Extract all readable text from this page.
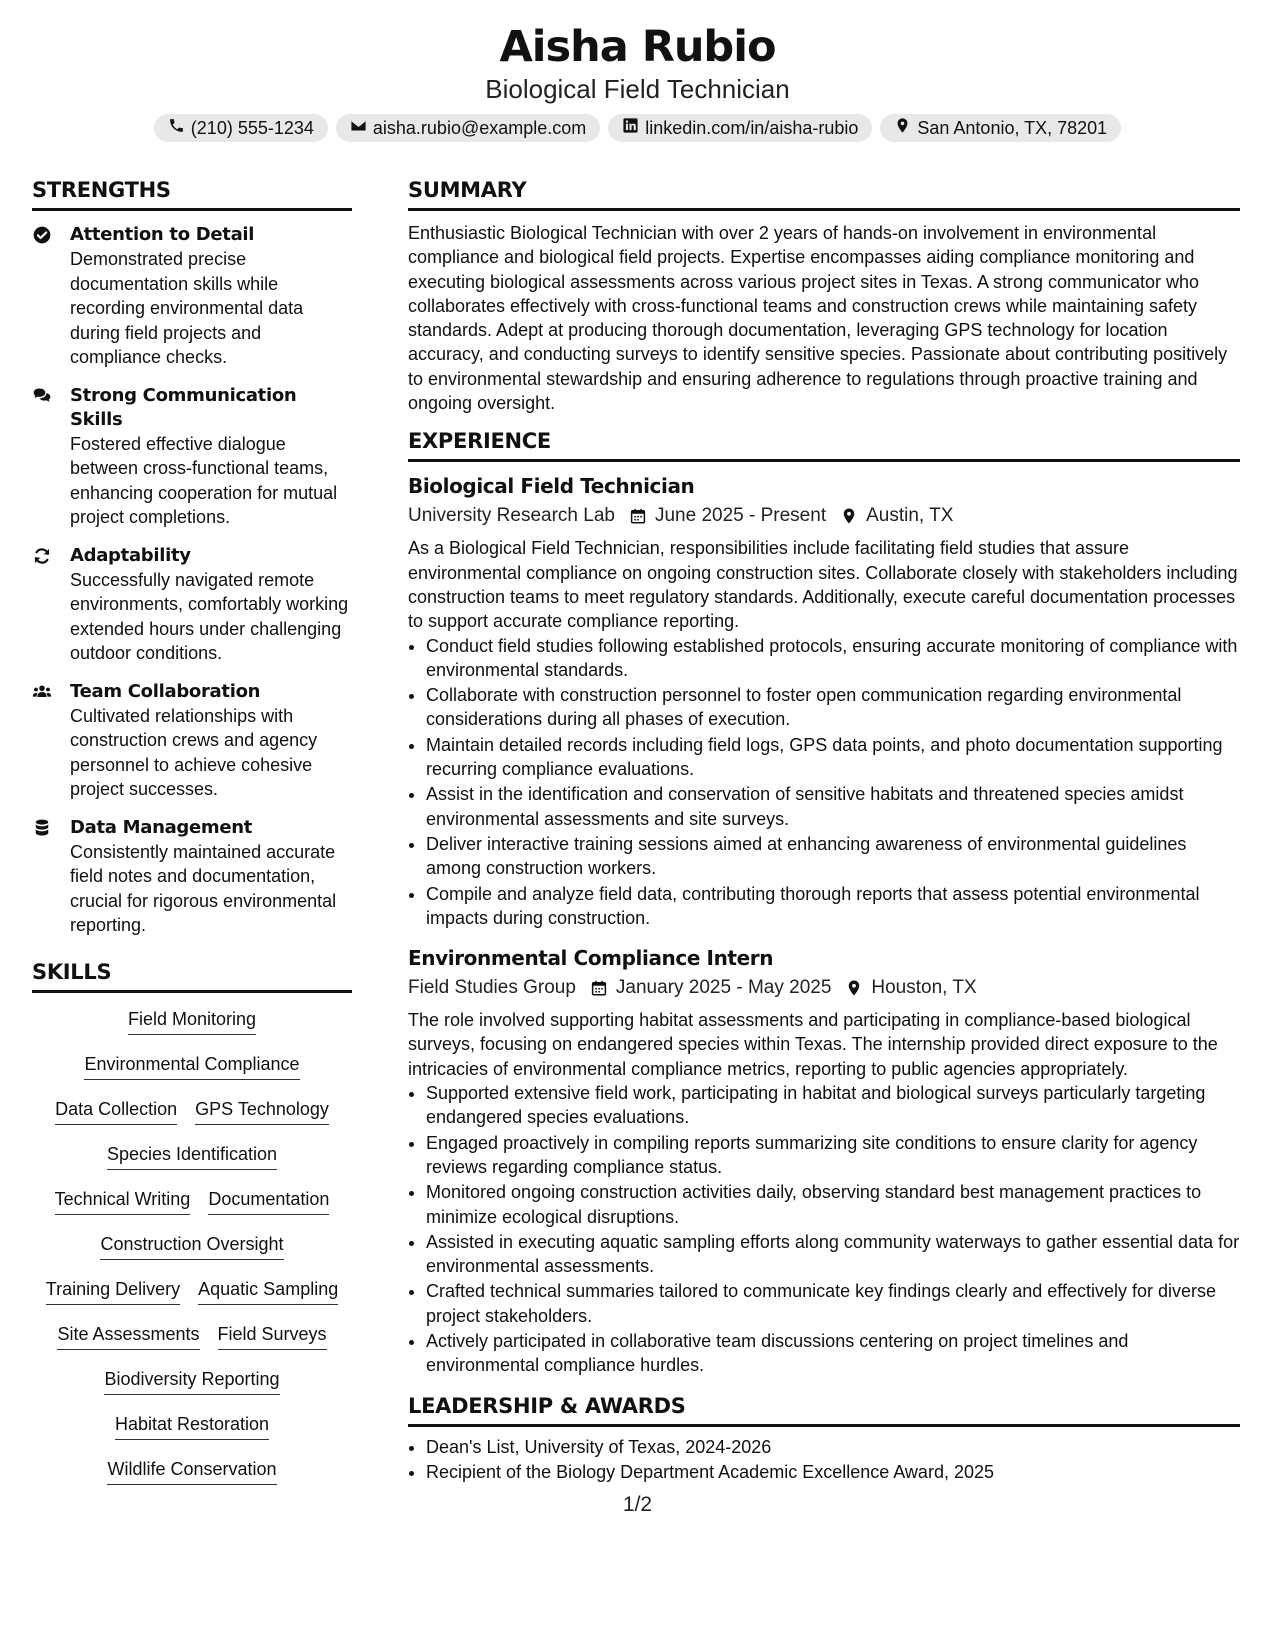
Aisha Rubio
Biological Field Technician
(210) 555-1234	aisha.rubio@example.com	linkedin.com/in/aisha-rubio	San Antonio, TX, 78201
STRENGTHS
Attention to Detail
Demonstrated precise documentation skills while recording environmental data during field projects and compliance checks.
Strong Communication Skills
Fostered effective dialogue between cross-functional teams, enhancing cooperation for mutual project completions.
Adaptability
Successfully navigated remote environments, comfortably working extended hours under challenging outdoor conditions.
Team Collaboration
Cultivated relationships with construction crews and agency personnel to achieve cohesive project successes.
Data Management
Consistently maintained accurate field notes and documentation, crucial for rigorous environmental reporting.
SKILLS
Field Monitoring
Environmental Compliance
Data Collection GPS Technology
Species Identification
Technical Writing Documentation
Construction Oversight
Training Delivery Aquatic Sampling
Site Assessments Field Surveys
Biodiversity Reporting
Habitat Restoration
Wildlife Conservation
SUMMARY
Enthusiastic Biological Technician with over 2 years of hands-on involvement in environmental compliance and biological field projects. Expertise encompasses aiding compliance monitoring and executing biological assessments across various project sites in Texas. A strong communicator who collaborates effectively with cross-functional teams and construction crews while maintaining safety standards. Adept at producing thorough documentation, leveraging GPS technology for location accuracy, and conducting surveys to identify sensitive species. Passionate about contributing positively to environmental stewardship and ensuring adherence to regulations through proactive training and ongoing oversight.
EXPERIENCE
Biological Field Technician
University Research Lab June 2025 - Present Austin, TX
As a Biological Field Technician, responsibilities include facilitating field studies that assure environmental compliance on ongoing construction sites. Collaborate closely with stakeholders including construction teams to meet regulatory standards. Additionally, execute careful documentation processes to support accurate compliance reporting.
• Conduct field studies following established protocols, ensuring accurate monitoring of compliance with environmental standards.
• Collaborate with construction personnel to foster open communication regarding environmental considerations during all phases of execution.
• Maintain detailed records including field logs, GPS data points, and photo documentation supporting recurring compliance evaluations.
• Assist in the identification and conservation of sensitive habitats and threatened species amidst environmental assessments and site surveys.
• Deliver interactive training sessions aimed at enhancing awareness of environmental guidelines among construction workers.
• Compile and analyze field data, contributing thorough reports that assess potential environmental impacts during construction.
Environmental Compliance Intern
Field Studies Group January 2025 - May 2025 Houston, TX
The role involved supporting habitat assessments and participating in compliance-based biological surveys, focusing on endangered species within Texas. The internship provided direct exposure to the intricacies of environmental compliance metrics, reporting to public agencies appropriately.
• Supported extensive field work, participating in habitat and biological surveys particularly targeting endangered species evaluations.
• Engaged proactively in compiling reports summarizing site conditions to ensure clarity for agency reviews regarding compliance status.
• Monitored ongoing construction activities daily, observing standard best management practices to minimize ecological disruptions.
• Assisted in executing aquatic sampling efforts along community waterways to gather essential data for environmental assessments.
• Crafted technical summaries tailored to communicate key findings clearly and effectively for diverse project stakeholders.
• Actively participated in collaborative team discussions centering on project timelines and environmental compliance hurdles.
LEADERSHIP & AWARDS
• Dean's List, University of Texas, 2024-2026
• Recipient of the Biology Department Academic Excellence Award, 2025
1/2
